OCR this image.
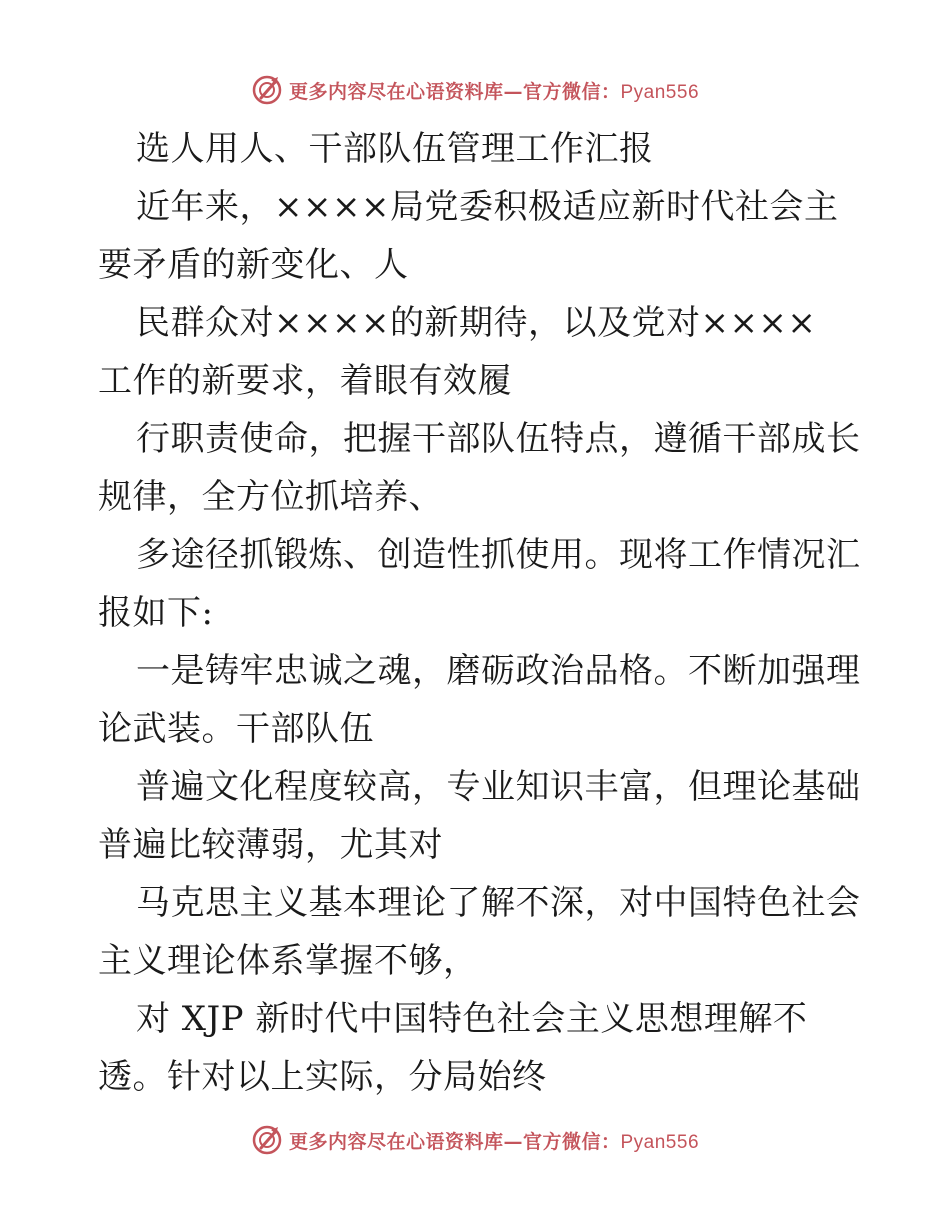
更多内容尽在心语资料库—官方微信：Pyan556
选人用人、干部队伍管理工作汇报
近年来，××××局党委积极适应新时代社会主
要矛盾的新变化、人
民群众对××××的新期待，以及党对××××
工作的新要求，着眼有效履
行职责使命，把握干部队伍特点，遵循干部成长
规律，全方位抓培养、
多途径抓锻炼、创造性抓使用。现将工作情况汇
报如下:
一是铸牢忠诚之魂，磨砺政治品格。不断加强理
论武装。干部队伍
普遍文化程度较高，专业知识丰富，但理论基础
普遍比较薄弱，尤其对
马克思主义基本理论了解不深，对中国特色社会
主义理论体系掌握不够，
对 XJP 新时代中国特色社会主义思想理解不
透。针对以上实际，分局始终
更多内容尽在心语资料库—官方微信：Pyan556
